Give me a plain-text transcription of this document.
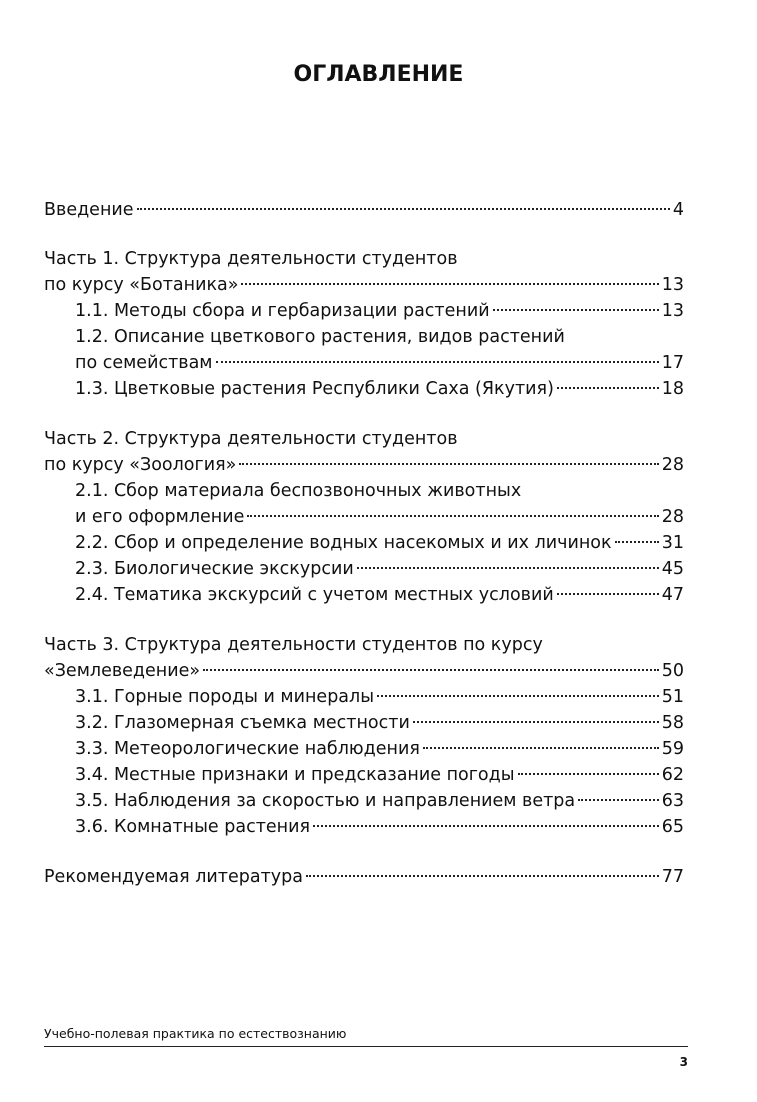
ОГЛАВЛЕНИЕ
Введение	4
Часть 1. Структура деятельности студентов
по курсу «Ботаника»	13
1.1. Методы сбора и гербаризации растений	13
1.2. Описание цветкового растения, видов растений
по семействам	17
1.3. Цветковые растения Республики Саха (Якутия)	18
Часть 2. Структура деятельности студентов
по курсу «Зоология»	28
2.1. Сбор материала беспозвоночных животных
и его оформление	28
2.2. Сбор и определение водных насекомых и их личинок	31
2.3. Биологические экскурсии	45
2.4. Тематика экскурсий с учетом местных условий	47
Часть 3. Структура деятельности студентов по курсу
«Землеведение»	50
3.1. Горные породы и минералы	51
3.2. Глазомерная съемка местности	58
3.3. Метеорологические наблюдения	59
3.4. Местные признаки и предсказание погоды	62
3.5. Наблюдения за скоростью и направлением ветра	63
3.6. Комнатные растения	65
Рекомендуемая литература	77
Учебно-полевая практика по естествознанию
3
